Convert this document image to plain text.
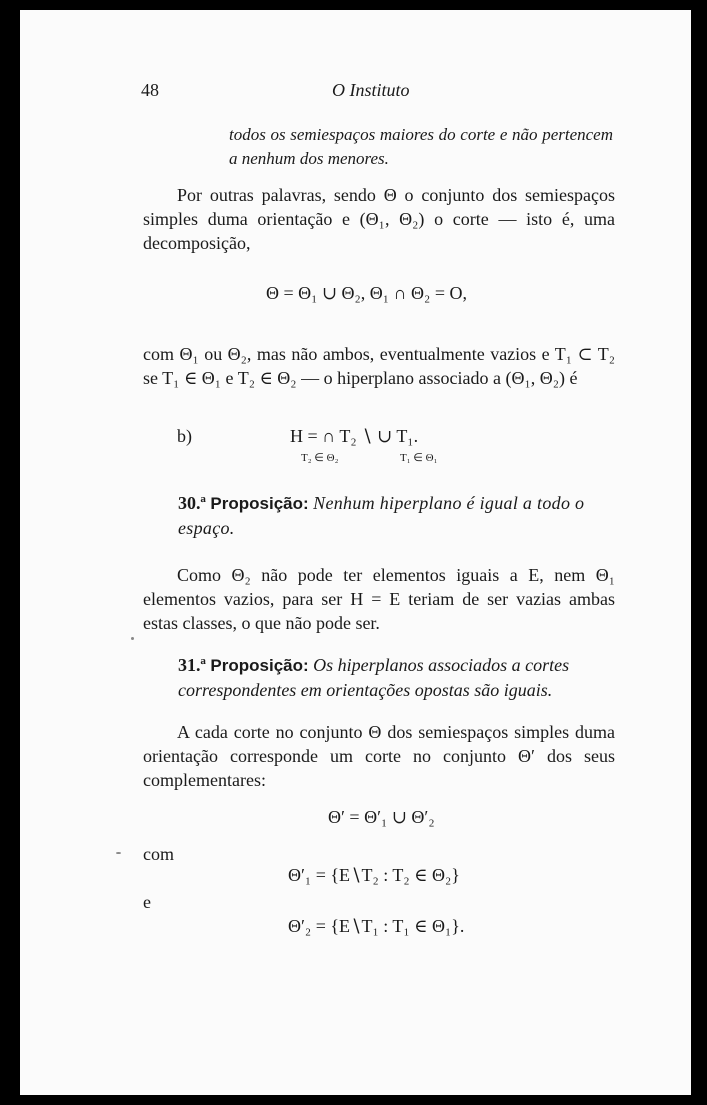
48	O Instituto
todos os semiespaços maiores do corte e não pertencem a nenhum dos menores.
Por outras palavras, sendo Θ o conjunto dos semiespaços simples duma orientação e (Θ₁, Θ₂) o corte — isto é, uma decomposição,
Θ = Θ₁ ∪ Θ₂, Θ₁ ∩ Θ₂ = O,
com Θ₁ ou Θ₂, mas não ambos, eventualmente vazios e T₁ ⊂ T₂ se T₁ ∈ Θ₁ e T₂ ∈ Θ₂ — o hiperplano associado a (Θ₁, Θ₂) é
b)	H = ∩ T₂ ∖ ∪ T₁.
T₂ ∈ Θ₂	T₁ ∈ Θ₁
30.ª Proposição: Nenhum hiperplano é igual a todo o espaço.
Como Θ₂ não pode ter elementos iguais a E, nem Θ₁ elementos vazios, para ser H = E teriam de ser vazias ambas estas classes, o que não pode ser.
31.ª Proposição: Os hiperplanos associados a cortes correspondentes em orientações opostas são iguais.
A cada corte no conjunto Θ dos semiespaços simples duma orientação corresponde um corte no conjunto Θ′ dos seus complementares:
Θ′ = Θ′₁ ∪ Θ′₂
com
Θ′₁ = {E∖T₂ : T₂ ∈ Θ₂}
e
Θ′₂ = {E∖T₁ : T₁ ∈ Θ₁}.
